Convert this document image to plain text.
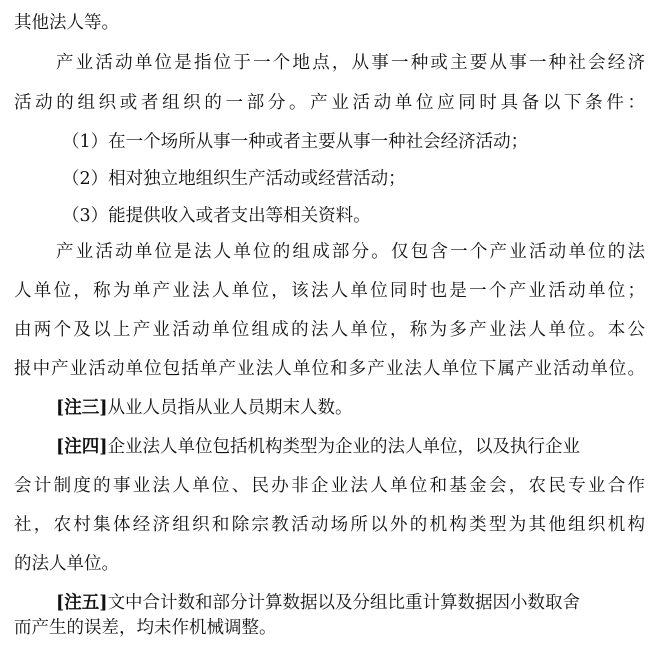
其他法人等。
产业活动单位是指位于一个地点，从事一种或主要从事一种社会经济
活动的组织或者组织的一部分。产业活动单位应同时具备以下条件：
（1）在一个场所从事一种或者主要从事一种社会经济活动；
（2）相对独立地组织生产活动或经营活动；
（3）能提供收入或者支出等相关资料。
产业活动单位是法人单位的组成部分。仅包含一个产业活动单位的法
人单位，称为单产业法人单位，该法人单位同时也是一个产业活动单位；
由两个及以上产业活动单位组成的法人单位，称为多产业法人单位。本公
报中产业活动单位包括单产业法人单位和多产业法人单位下属产业活动单位。
[注三]从业人员指从业人员期末人数。
[注四]企业法人单位包括机构类型为企业的法人单位，以及执行企业
会计制度的事业法人单位、民办非企业法人单位和基金会，农民专业合作
社，农村集体经济组织和除宗教活动场所以外的机构类型为其他组织机构
的法人单位。
[注五]文中合计数和部分计算数据以及分组比重计算数据因小数取舍
而产生的误差，均未作机械调整。
